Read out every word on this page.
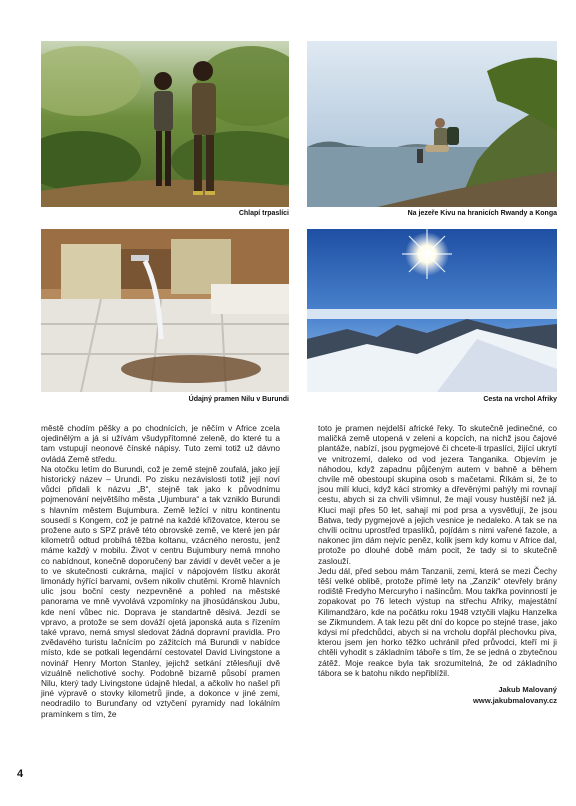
Chlapí trpaslíci	Na jezeře Kivu na hranicích Rwandy a Konga
Údajný pramen Nilu v Burundi	Cesta na vrchol Afriky

městě chodím pěšky a po chodnících, je něčím v Africe zcela ojedinělým a já si užívám všudypřítomné zeleně, do které tu a tam vstupují neonové čínské nápisy. Tuto zemi totiž už dávno ovládá Země středu.

Na otočku letím do Burundi, což je země stejně zoufalá, jako její historický název – Urundi. Po zisku nezávislosti totiž její noví vůdci přidali k názvu „B“, stejně tak jako k původnímu pojmenování největšího města „Ujumbura“ a tak vzniklo Burundi s hlavním městem Bujumbura. Země ležící v nitru kontinentu sousedí s Kongem, což je patrné na každé křižovatce, kterou se prožene auto s SPZ právě této obrovské země, ve které jen pár kilometrů odtud probíhá těžba koltanu, vzácného nerostu, jenž máme každý v mobilu. Život v centru Bujumbury nemá mnoho co nabídnout, konečně doporučený bar závidí v devět večer a je to ve skutečnosti cukrárna, mající v nápojovém lístku akorát limonády hýřící barvami, ovšem nikoliv chutěmi. Kromě hlavních ulic jsou boční cesty nezpevněné a pohled na městské panorama ve mně vyvolává vzpomínky na jihosúdánskou Jubu, kde není vůbec nic. Doprava je standartně děsivá. Jezdí se vpravo, a protože se sem dováží ojetá japonská auta s řízením také vpravo, nemá smysl sledovat žádná dopravní pravidla. Pro zvědavého turistu lačnícím po zážitcích má Burundi v nabídce místo, kde se potkali legendární cestovatel David Livingstone a novinář Henry Morton Stanley, jejichž setkání ztělesňují dvě vizuálně nelichotivé sochy. Podobně bizarně působí pramen Nilu, který tady Livingstone údajně hledal, a ačkoliv ho našel při jiné výpravě o stovky kilometrů jinde, a dokonce v jiné zemi, neodradilo to Burunďany od vztyčení pyramidy nad lokálním pramínkem s tím, že

toto je pramen nejdelší africké řeky. To skutečně jedinečné, co maličká země utopená v zeleni a kopcích, na nichž jsou čajové plantáže, nabízí, jsou pygmejové či chcete-li trpaslíci, žijící ukrytí ve vnitrozemí, daleko od vod jezera Tanganika. Objevím je náhodou, když zapadnu půjčeným autem v bahně a během chvíle mě obestoupí skupina osob s mačetami. Říkám si, že to jsou milí kluci, když kácí stromky a dřevěnými pahýly mi rovnají cestu, abych si za chvíli všimnul, že mají vousy hustější než já. Kluci mají přes 50 let, sahají mi pod prsa a vysvětlují, že jsou Batwa, tedy pygmejové a jejich vesnice je nedaleko. A tak se na chvíli ocitnu uprostřed trpaslíků, pojídám s nimi vařené fazole, a nakonec jim dám nejvíc peněz, kolik jsem kdy komu v Africe dal, protože po dlouhé době mám pocit, že tady si to skutečně zaslouží.

Jedu dál, před sebou mám Tanzanii, zemi, která se mezi Čechy těší velké oblibě, protože přímé lety na „Zanzik“ otevřely brány rodiště Fredyho Mercuryho i našincům. Mou takřka povinností je zopakovat po 76 letech výstup na střechu Afriky, majestátní Kilimandžáro, kde na počátku roku 1948 vztyčili vlajku Hanzelka se Zikmundem. A tak lezu pět dní do kopce po stejné trase, jako kdysi mí předchůdci, abych si na vrcholu dopřál plechovku piva, kterou jsem jen horko těžko uchránil před průvodci, kteří mi ji chtěli vyhodit s základním táboře s tím, že se jedná o zbytečnou zátěž. Moje reakce byla tak srozumitelná, že od základního tábora se k batohu nikdo nepřiblížil.

Jakub Malovaný
www.jakubmalovany.cz
4
